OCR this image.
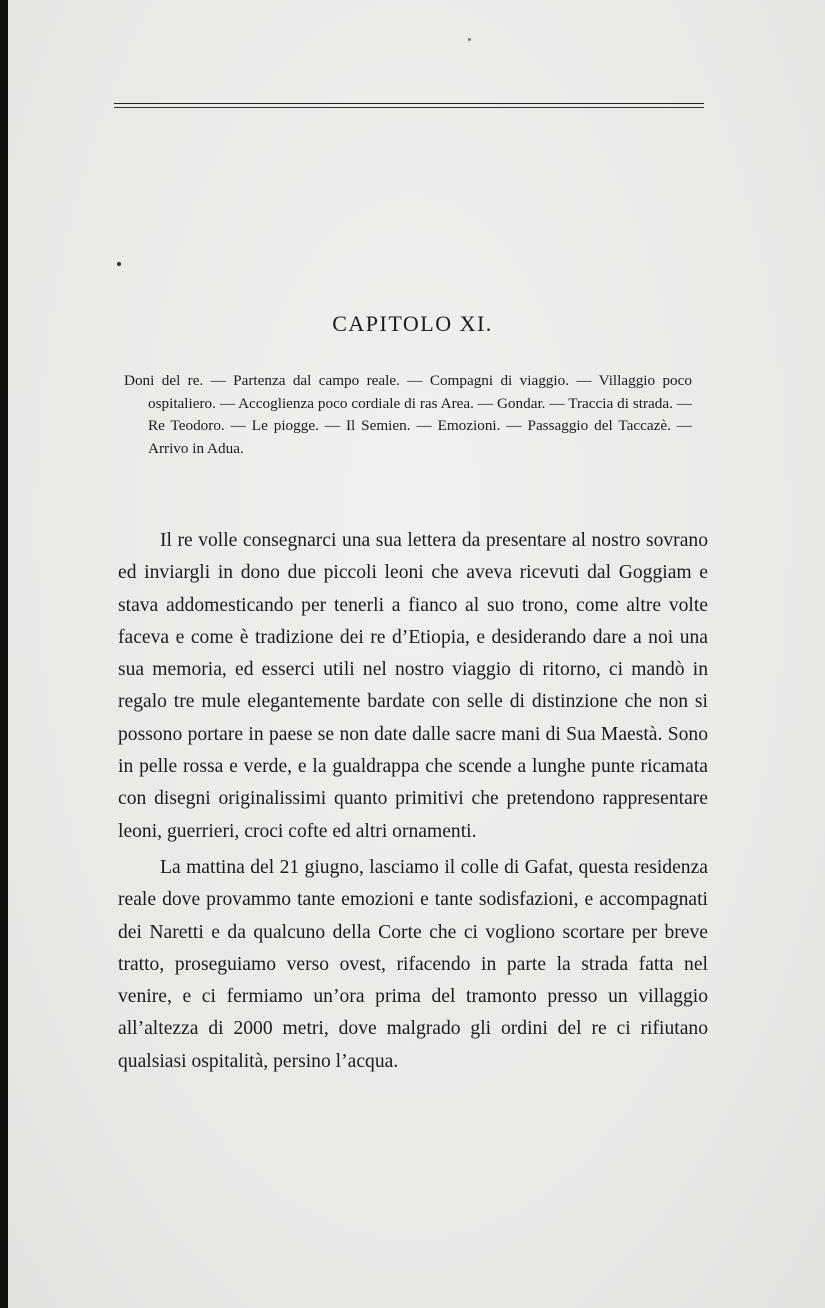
CAPITOLO XI.
Doni del re. — Partenza dal campo reale. — Compagni di viaggio. — Villaggio poco ospitaliero. — Accoglienza poco cordiale di ras Area. — Gondar. — Traccia di strada. — Re Teodoro. — Le piogge. — Il Semien. — Emozioni. — Passaggio del Taccazè. — Arrivo in Adua.

Il re volle consegnarci una sua lettera da presentare al nostro sovrano ed inviargli in dono due piccoli leoni che aveva ricevuti dal Goggiam e stava addomesticando per tenerli a fianco al suo trono, come altre volte faceva e come è tradizione dei re d’Etiopia, e desiderando dare a noi una sua memoria, ed esserci utili nel nostro viaggio di ritorno, ci mandò in regalo tre mule elegantemente bardate con selle di distinzione che non si possono portare in paese se non date dalle sacre mani di Sua Maestà. Sono in pelle rossa e verde, e la gualdrappa che scende a lunghe punte ricamata con disegni originalissimi quanto primitivi che pretendono rappresentare leoni, guerrieri, croci cofte ed altri ornamenti.

La mattina del 21 giugno, lasciamo il colle di Gafat, questa residenza reale dove provammo tante emozioni e tante sodisfazioni, e accompagnati dei Naretti e da qualcuno della Corte che ci vogliono scortare per breve tratto, proseguiamo verso ovest, rifacendo in parte la strada fatta nel venire, e ci fermiamo un’ora prima del tramonto presso un villaggio all’altezza di 2000 metri, dove malgrado gli ordini del re ci rifiutano qualsiasi ospitalità, persino l’acqua.
